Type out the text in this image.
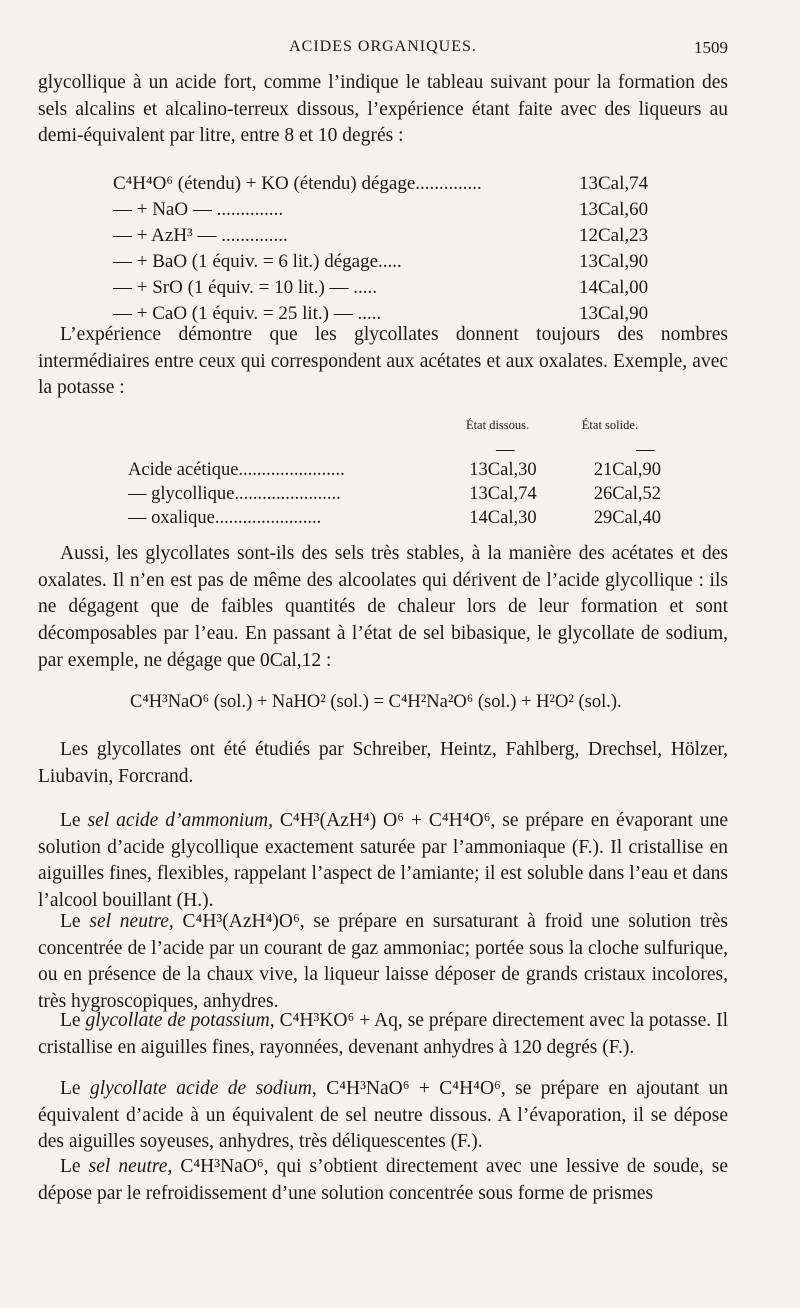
ACIDES ORGANIQUES.	1509

glycollique à un acide fort, comme l’indique le tableau suivant pour la formation des sels alcalins et alcalino-terreux dissous, l’expérience étant faite avec des liqueurs au demi-équivalent par litre, entre 8 et 10 degrés :

C⁴H⁴O⁶ (étendu) + KO (étendu) dégage..............	13Cal,74
— + NaO — ..............	13Cal,60
— + AzH³ — ..............	12Cal,23
— + BaO (1 équiv. = 6 lit.) dégage.....	13Cal,90
— + SrO (1 équiv. = 10 lit.) — .....	14Cal,00
— + CaO (1 équiv. = 25 lit.) — .....	13Cal,90

L’expérience démontre que les glycollates donnent toujours des nombres intermédiaires entre ceux qui correspondent aux acétates et aux oxalates. Exemple, avec la potasse :

État dissous.	État solide.
—	—
Acide acétique.......................	13Cal,30	21Cal,90
— glycollique.......................	13Cal,74	26Cal,52
— oxalique.......................	14Cal,30	29Cal,40

Aussi, les glycollates sont-ils des sels très stables, à la manière des acétates et des oxalates. Il n’en est pas de même des alcoolates qui dérivent de l’acide glycollique : ils ne dégagent que de faibles quantités de chaleur lors de leur formation et sont décomposables par l’eau. En passant à l’état de sel bibasique, le glycollate de sodium, par exemple, ne dégage que 0Cal,12 :

C⁴H³NaO⁶ (sol.) + NaHO² (sol.) = C⁴H²Na²O⁶ (sol.) + H²O² (sol.).

Les glycollates ont été étudiés par Schreiber, Heintz, Fahlberg, Drechsel, Hölzer, Liubavin, Forcrand.

Le sel acide d’ammonium, C⁴H³(AzH⁴) O⁶ + C⁴H⁴O⁶, se prépare en évaporant une solution d’acide glycollique exactement saturée par l’ammoniaque (F.). Il cristallise en aiguilles fines, flexibles, rappelant l’aspect de l’amiante; il est soluble dans l’eau et dans l’alcool bouillant (H.).

Le sel neutre, C⁴H³(AzH⁴)O⁶, se prépare en sursaturant à froid une solution très concentrée de l’acide par un courant de gaz ammoniac; portée sous la cloche sulfurique, ou en présence de la chaux vive, la liqueur laisse déposer de grands cristaux incolores, très hygroscopiques, anhydres.

Le glycollate de potassium, C⁴H³KO⁶ + Aq, se prépare directement avec la potasse. Il cristallise en aiguilles fines, rayonnées, devenant anhydres à 120 degrés (F.).

Le glycollate acide de sodium, C⁴H³NaO⁶ + C⁴H⁴O⁶, se prépare en ajoutant un équivalent d’acide à un équivalent de sel neutre dissous. A l’évaporation, il se dépose des aiguilles soyeuses, anhydres, très déliquescentes (F.).

Le sel neutre, C⁴H³NaO⁶, qui s’obtient directement avec une lessive de soude, se dépose par le refroidissement d’une solution concentrée sous forme de prismes
